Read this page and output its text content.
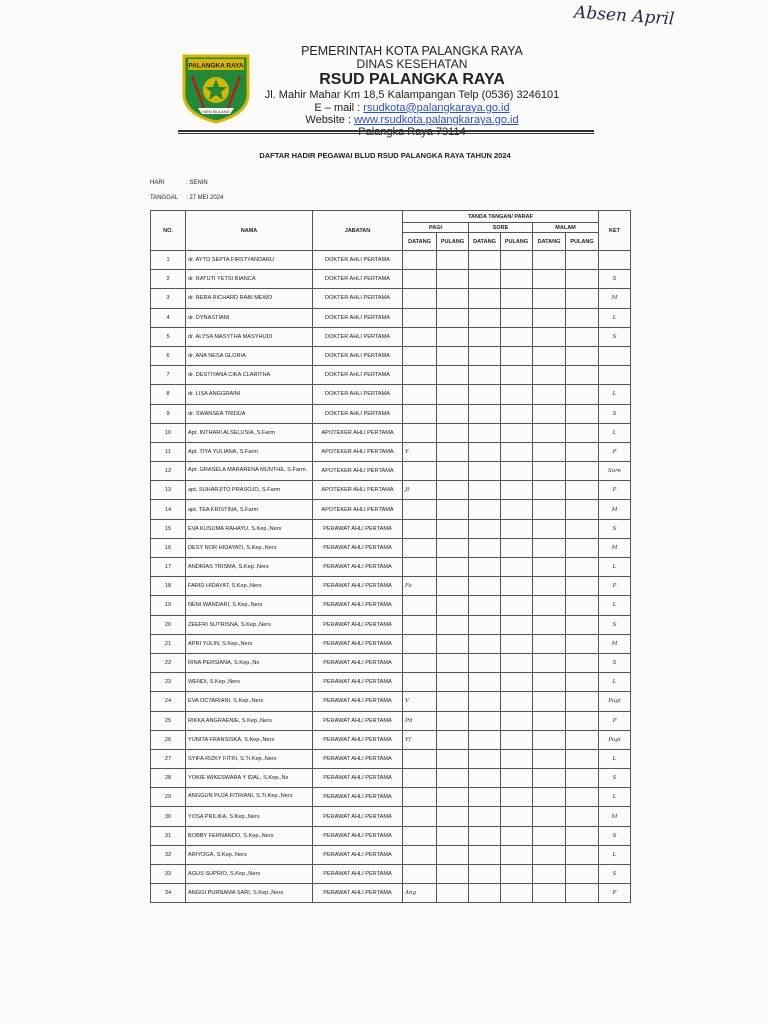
Absen April
PALANGKA RAYA
ISEN MULANG
PEMERINTAH KOTA PALANGKA RAYA
DINAS KESEHATAN
RSUD PALANGKA RAYA
Jl. Mahir Mahar Km 18,5 Kalampangan Telp (0536) 3246101
E – mail : rsudkota@palangkaraya.go.id
Website : www.rsudkota.palangkaraya.go.id
Palangka Raya 73114
DAFTAR HADIR PEGAWAI BLUD RSUD PALANGKA RAYA TAHUN 2024
HARI	: SENIN
TANGGAL : 27 MEI 2024
NO.	NAMA	JABATAN	TANDA TANGAN/ PARAF						KET
			PAGI		SORE		MALAM		
			DATANG	PULANG	DATANG	PULANG	DATANG	PULANG	
1	dr. AYTO SEPTA FIRSTYANDARU	DOKTER AHLI PERTAMA							
2	dr. RATUTI YETSI BIANCA	DOKTER AHLI PERTAMA							S
3	dr. RERA RICHARD RABI MEWO	DOKTER AHLI PERTAMA							M
4	dr. DYNASTIANI	DOKTER AHLI PERTAMA							L
5	dr. ALYSA MASYTHA MASYHUDI	DOKTER AHLI PERTAMA							S
6	dr. ANA NESA GLORIA	DOKTER AHLI PERTAMA							
7	dr. DESTIYANA CIKA CLARITHA	DOKTER AHLI PERTAMA							
8	dr. LISA ANGGRAINI	DOKTER AHLI PERTAMA							L
9	dr. SWANSEA TRIDUA	DOKTER AHLI PERTAMA							S
10	Apt. INTHARI ALSELUSIA, S.Farm	APOTEKER AHLI PERTAMA							L
11	Apt. TIYA YULIANA, S.Farm	APOTEKER AHLI PERTAMA	Y						P
12	Apt. GRASELA MARARENA MUNTHE, S.Farm.	APOTEKER AHLI PERTAMA							Sore
13	apt. SUHARJITO PRASOJO, S.Farm	APOTEKER AHLI PERTAMA	Jt						P
14	apt. TEA KRISTINA, S.Farm	APOTEKER AHLI PERTAMA							M
15	EVA KUSUMA RAHAYU, S.Kep.,Ners	PERAWAT AHLI PERTAMA							S
16	DESY NOR HIDAYATI, S.Kep.,Ners	PERAWAT AHLI PERTAMA							M
17	ANDRIAS TRISMA, S.Kep.,Ners	PERAWAT AHLI PERTAMA							L
18	FARID HIDAYAT, S.Kep.,Ners	PERAWAT AHLI PERTAMA	Fa						P
19	NENI WANDARI, S.Kep.,Ners	PERAWAT AHLI PERTAMA							L
20	ZEEFRI SUTRISNA, S.Kep.,Ners	PERAWAT AHLI PERTAMA							S
21	APRI YULIN, S.Kep.,Ners	PERAWAT AHLI PERTAMA							M
22	RINA PERSIANA, S.Kep.,Ns	PERAWAT AHLI PERTAMA							S
23	WENDI, S.Kep.,Ners	PERAWAT AHLI PERTAMA							L
24	EVA OCTARIANI, S.Kep.,Ners	PERAWAT AHLI PERTAMA	V						Pagi
25	RIKKA ANGRAENIE, S.Kep.,Ners	PERAWAT AHLI PERTAMA	Pd						P
26	YUNITA FRANSISKA, S.Kep.,Ners	PERAWAT AHLI PERTAMA	Yf						Pagi
27	SYIFA RIZKY FITRI, S.Tr.Kep.,Ners	PERAWAT AHLI PERTAMA							L
28	YOKIE WIKESWARA Y IDAL, S.Kep.,Ns	PERAWAT AHLI PERTAMA							S
29	ANGGUN PUJA FITRIANI, S.Tr.Kep.,Ners	PERAWAT AHLI PERTAMA							L
30	YOSA PRILIKA, S.Kep.,Ners	PERAWAT AHLI PERTAMA							M
31	BOBBY FERNANDO, S.Kep.,Ners	PERAWAT AHLI PERTAMA							S
32	ARIYOGA, S.Kep.,Ners	PERAWAT AHLI PERTAMA							L
33	AGUS SUPRIO, S.Kep.,Ners	PERAWAT AHLI PERTAMA							S
34	ANGGI PURNAMA SARI, S.Kep.,Ners	PERAWAT AHLI PERTAMA	Ang						P
